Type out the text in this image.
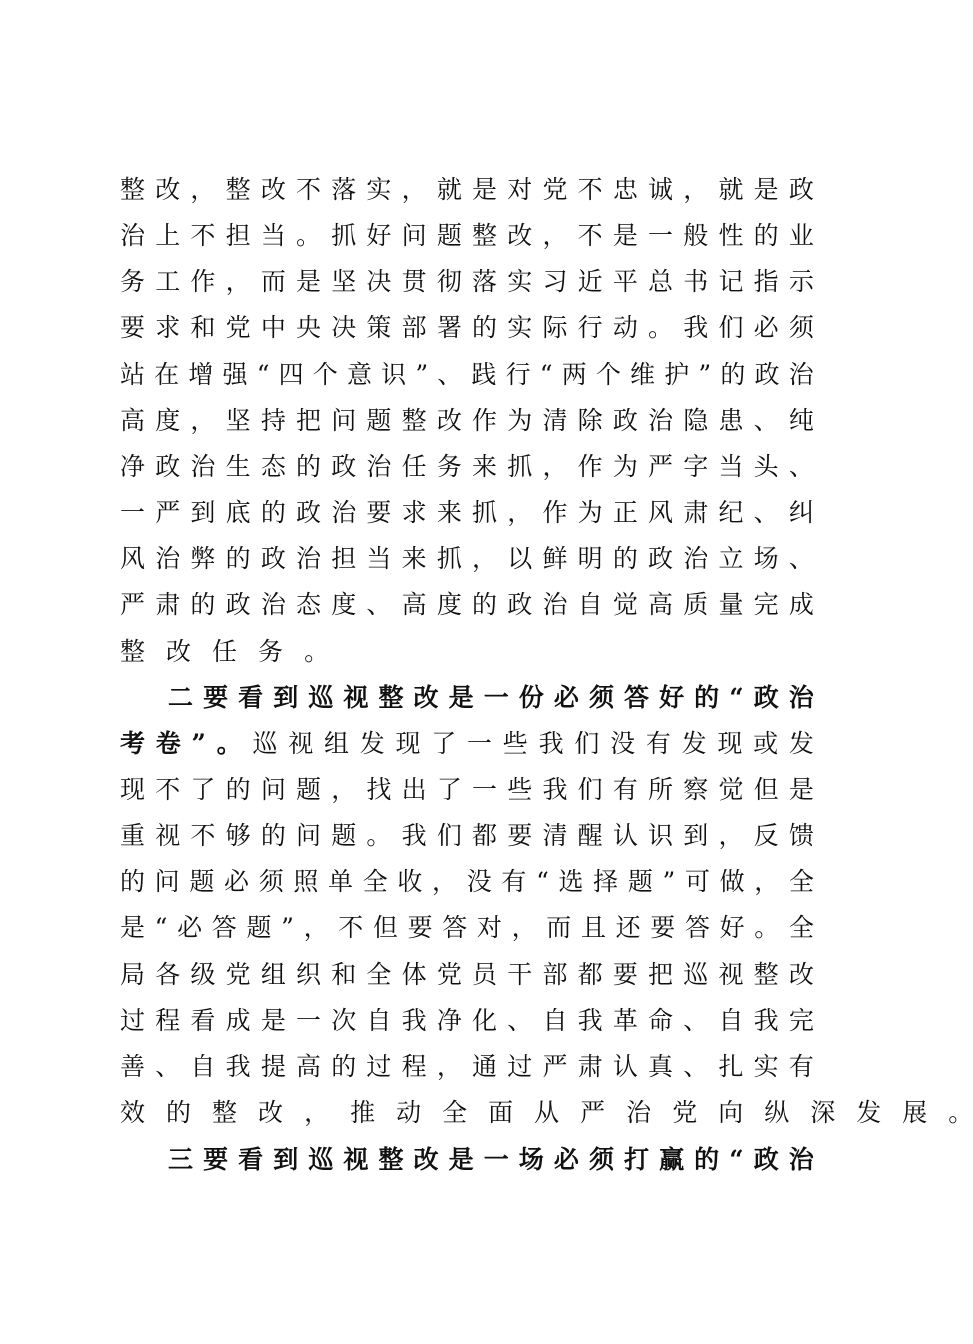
整 改 ， 整 改 不 落 实 ， 就 是 对 党 不 忠 诚 ， 就 是 政
治 上 不 担 当 。 抓 好 问 题 整 改 ， 不 是 一 般 性 的 业
务 工 作 ， 而 是 坚 决 贯 彻 落 实 习 近 平 总 书 记 指 示
要 求 和 党 中 央 决 策 部 署 的 实 际 行 动 。 我 们 必 须
站 在 增 强 “ 四 个 意 识 ” 、 践 行 “ 两 个 维 护 ” 的 政 治
高 度 ， 坚 持 把 问 题 整 改 作 为 清 除 政 治 隐 患 、 纯
净 政 治 生 态 的 政 治 任 务 来 抓 ， 作 为 严 字 当 头 、
一 严 到 底 的 政 治 要 求 来 抓 ， 作 为 正 风 肃 纪 、 纠
风 治 弊 的 政 治 担 当 来 抓 ， 以 鲜 明 的 政 治 立 场 、
严 肃 的 政 治 态 度 、 高 度 的 政 治 自 觉 高 质 量 完 成
整 改 任 务 。
二 要 看 到 巡 视 整 改 是 一 份 必 须 答 好 的 “ 政 治
考 卷 ” 。 巡 视 组 发 现 了 一 些 我 们 没 有 发 现 或 发
现 不 了 的 问 题 ， 找 出 了 一 些 我 们 有 所 察 觉 但 是
重 视 不 够 的 问 题 。 我 们 都 要 清 醒 认 识 到 ， 反 馈
的 问 题 必 须 照 单 全 收 ， 没 有 “ 选 择 题 ” 可 做 ， 全
是 “ 必 答 题 ” ， 不 但 要 答 对 ， 而 且 还 要 答 好 。 全
局 各 级 党 组 织 和 全 体 党 员 干 部 都 要 把 巡 视 整 改
过 程 看 成 是 一 次 自 我 净 化 、 自 我 革 命 、 自 我 完
善 、 自 我 提 高 的 过 程 ， 通 过 严 肃 认 真 、 扎 实 有
效 的 整 改 ， 推 动 全 面 从 严 治 党 向 纵 深 发 展 。
三 要 看 到 巡 视 整 改 是 一 场 必 须 打 赢 的 “ 政 治
